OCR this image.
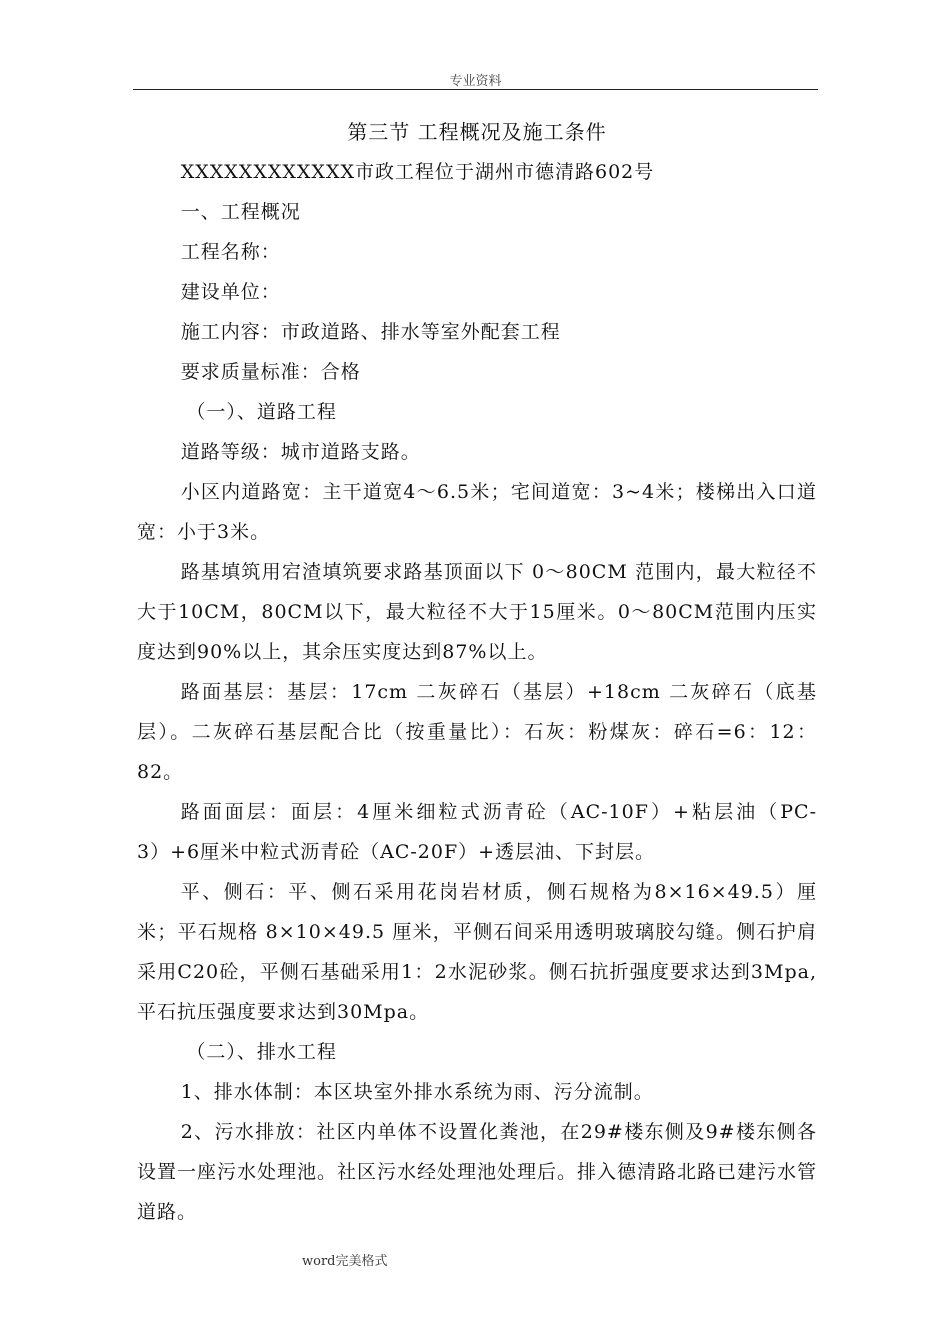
专业资料
第三节 工程概况及施工条件

XXXXXXXXXXXX市政工程位于湖州市德清路602号

一、工程概况

工程名称：

建设单位：

施工内容：市政道路、排水等室外配套工程

要求质量标准：合格

（一）、道路工程

道路等级：城市道路支路。

小区内道路宽：主干道宽4～6.5米；宅间道宽：3~4米；楼梯出入口道宽：小于3米。

路基填筑用宕渣填筑要求路基顶面以下 0～80CM 范围内，最大粒径不大于10CM，80CM以下，最大粒径不大于15厘米。0～80CM范围内压实度达到90%以上，其余压实度达到87%以上。

路面基层：基层：17cm 二灰碎石（基层）+18cm 二灰碎石（底基层）。二灰碎石基层配合比（按重量比）：石灰：粉煤灰：碎石=6：12：82。

路面面层：面层：4厘米细粒式沥青砼（AC-10F）+粘层油（PC-3）+6厘米中粒式沥青砼（AC-20F）+透层油、下封层。

平、侧石：平、侧石采用花岗岩材质，侧石规格为8×16×49.5）厘米；平石规格 8×10×49.5 厘米，平侧石间采用透明玻璃胶勾缝。侧石护肩采用C20砼，平侧石基础采用1：2水泥砂浆。侧石抗折强度要求达到3Mpa,平石抗压强度要求达到30Mpa。

（二）、排水工程

1、排水体制：本区块室外排水系统为雨、污分流制。

2、污水排放：社区内单体不设置化粪池，在29#楼东侧及9#楼东侧各设置一座污水处理池。社区污水经处理池处理后。排入德清路北路已建污水管道路。

word完美格式
